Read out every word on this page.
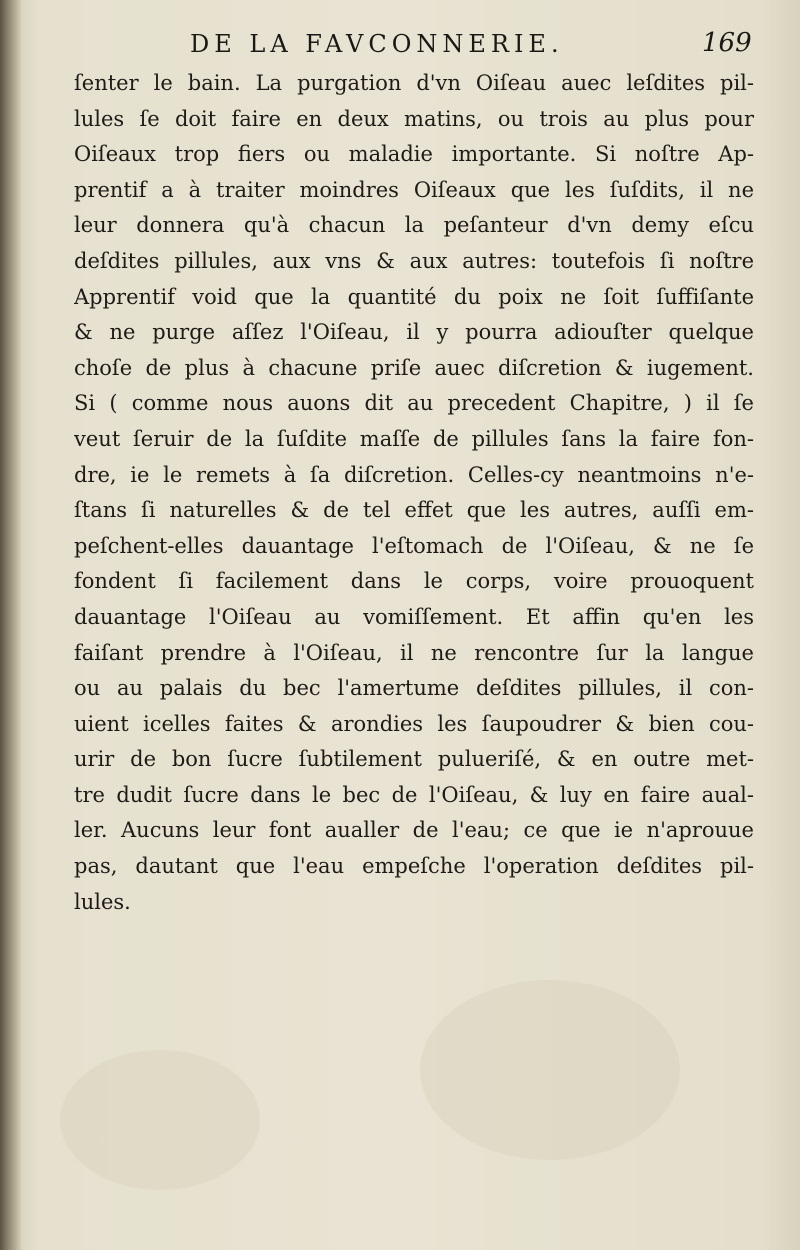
DE LA FAVCONNERIE.	169
ſenter le bain. La purgation d'vn Oiſeau auec leſdites pil-
lules ſe doit faire en deux matins, ou trois au plus pour
Oiſeaux trop fiers ou maladie importante. Si noſtre Ap-
prentif a à traiter moindres Oiſeaux que les ſuſdits, il ne
leur donnera qu'à chacun la peſanteur d'vn demy eſcu
deſdites pillules, aux vns & aux autres: toutefois ſi noſtre
Apprentif void que la quantité du poix ne ſoit ſuffiſante
& ne purge aſſez l'Oiſeau, il y pourra adiouſter quelque
choſe de plus à chacune priſe auec diſcretion & iugement.
Si ( comme nous auons dit au precedent Chapitre, ) il ſe
veut ſeruir de la ſuſdite maſſe de pillules ſans la faire fon-
dre, ie le remets à ſa diſcretion. Celles-cy neantmoins n'e-
ſtans ſi naturelles & de tel effet que les autres, auſſi em-
peſchent-elles dauantage l'eſtomach de l'Oiſeau, & ne ſe
fondent ſi facilement dans le corps, voire prouoquent
dauantage l'Oiſeau au vomiſſement. Et affin qu'en les
faiſant prendre à l'Oiſeau, il ne rencontre ſur la langue
ou au palais du bec l'amertume deſdites pillules, il con-
uient icelles faites & arondies les ſaupoudrer & bien cou-
urir de bon ſucre ſubtilement pulueriſé, & en outre met-
tre dudit ſucre dans le bec de l'Oiſeau, & luy en faire aual-
ler. Aucuns leur font aualler de l'eau; ce que ie n'aprouue
pas, dautant que l'eau empeſche l'operation deſdites pil-
lules.
